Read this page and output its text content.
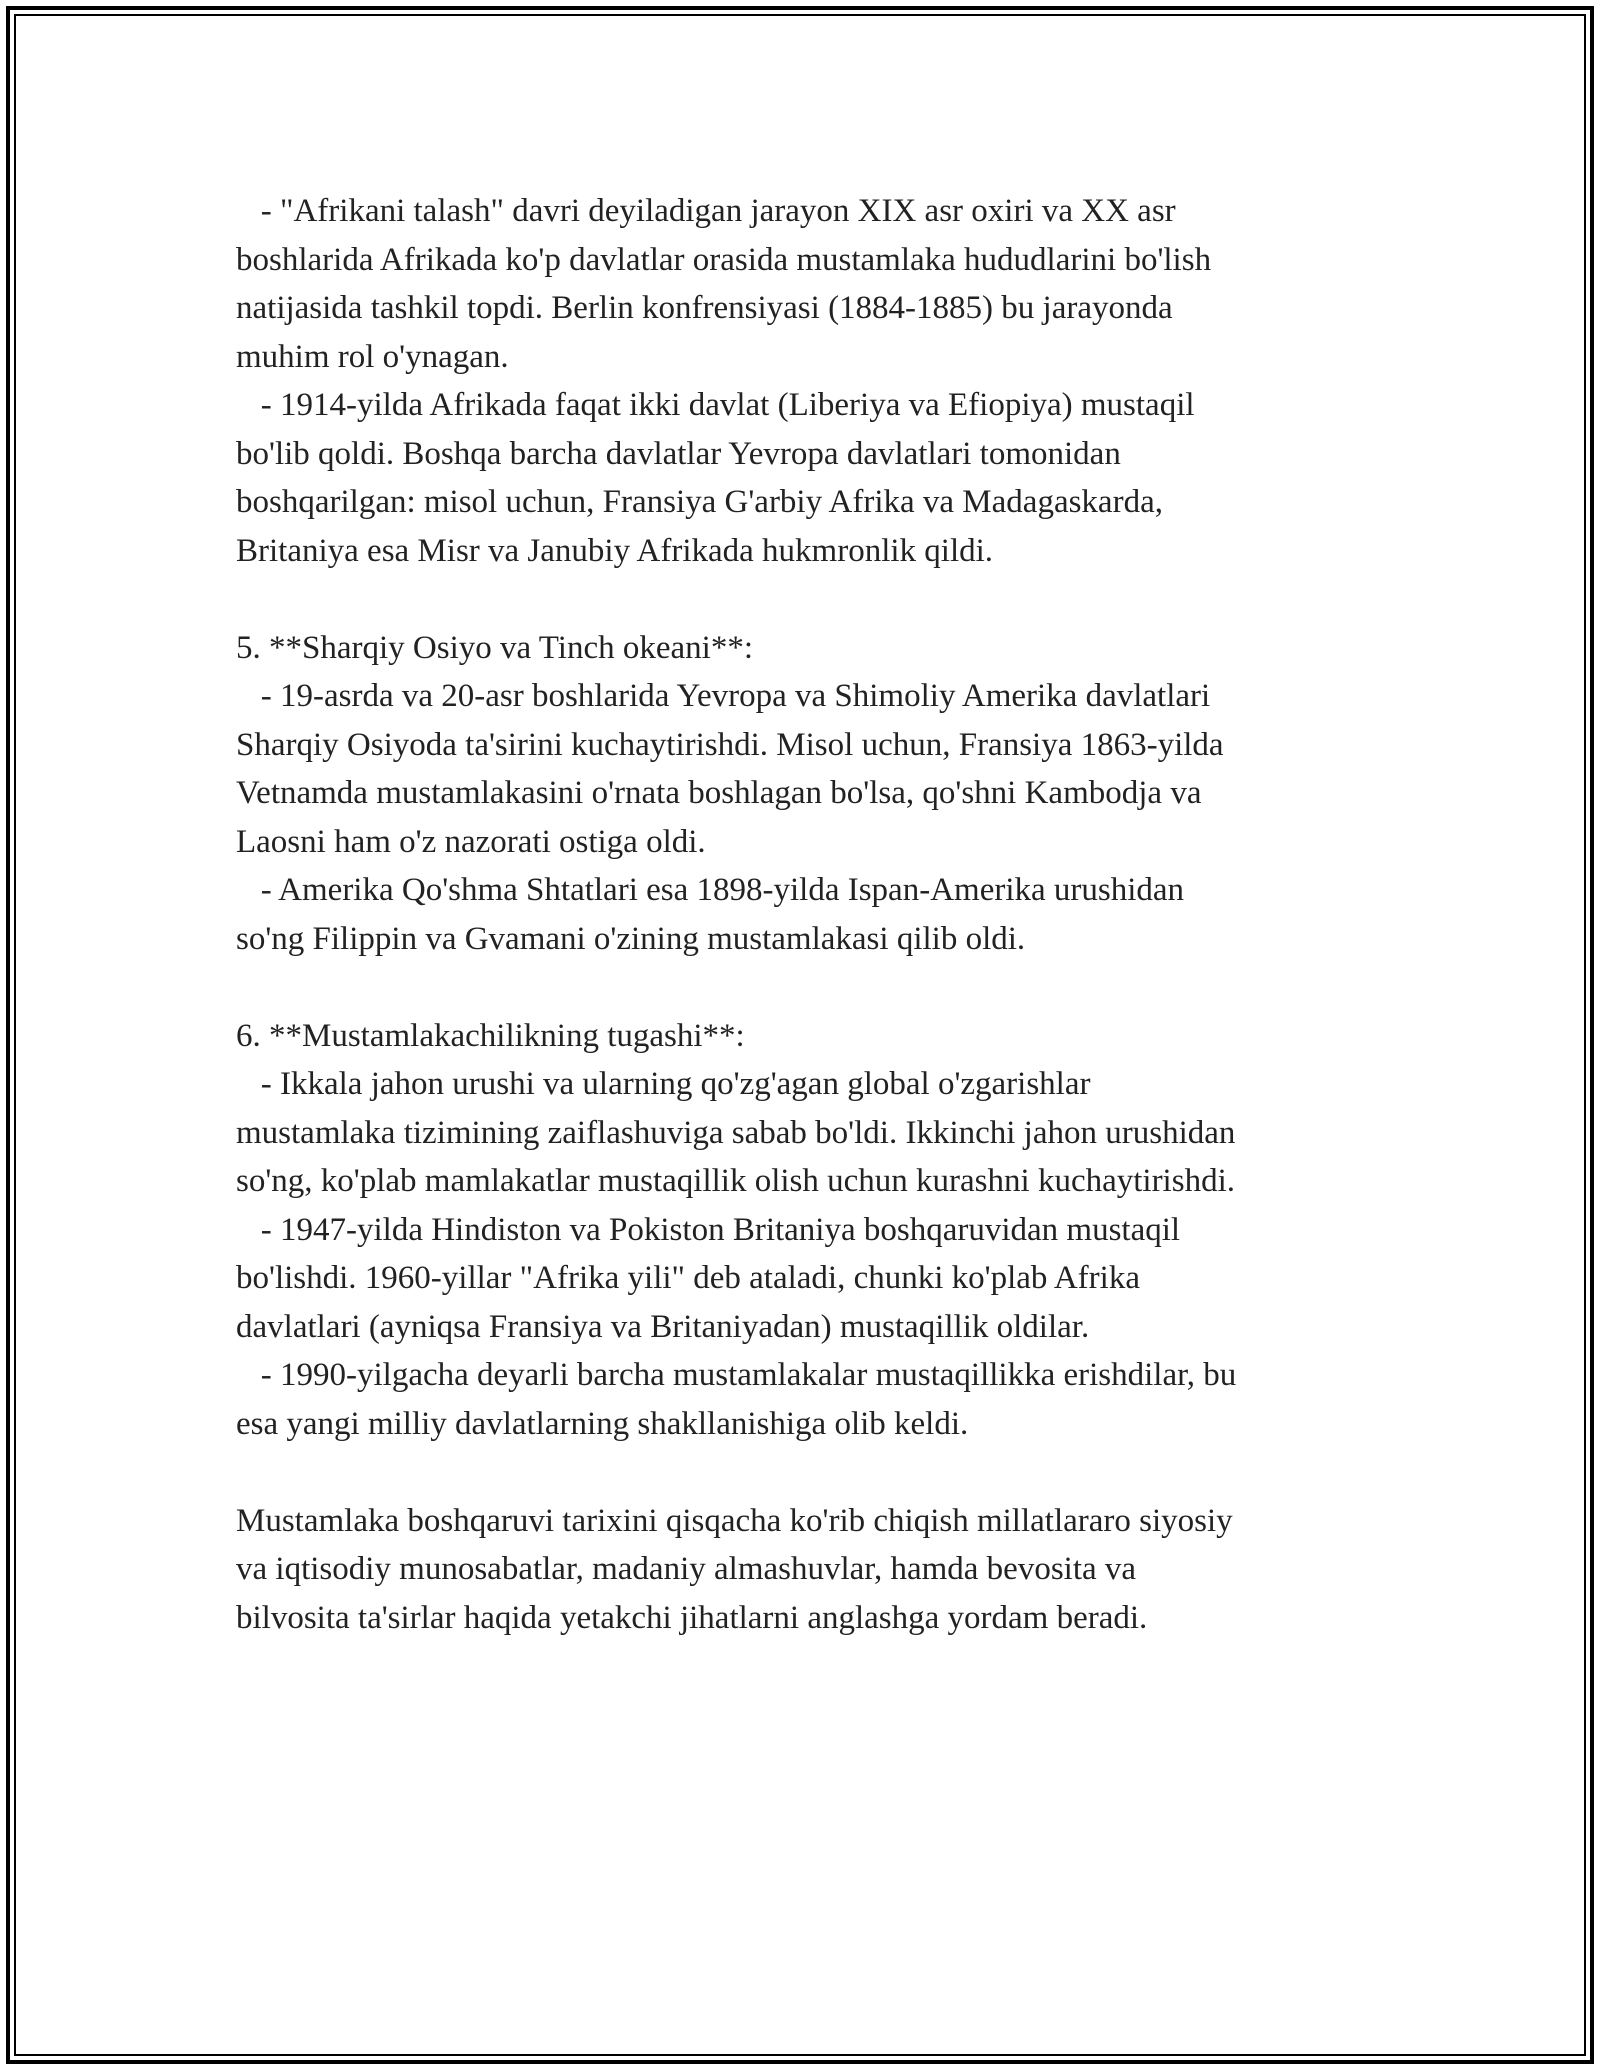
- "Afrikani talash" davri deyiladigan jarayon XIX asr oxiri va XX asr
boshlarida Afrikada ko'p davlatlar orasida mustamlaka hududlarini bo'lish
natijasida tashkil topdi. Berlin konfrensiyasi (1884-1885) bu jarayonda
muhim rol o'ynagan.
- 1914-yilda Afrikada faqat ikki davlat (Liberiya va Efiopiya) mustaqil
bo'lib qoldi. Boshqa barcha davlatlar Yevropa davlatlari tomonidan
boshqarilgan: misol uchun, Fransiya G'arbiy Afrika va Madagaskarda,
Britaniya esa Misr va Janubiy Afrikada hukmronlik qildi.
5. **Sharqiy Osiyo va Tinch okeani**:
- 19-asrda va 20-asr boshlarida Yevropa va Shimoliy Amerika davlatlari
Sharqiy Osiyoda ta'sirini kuchaytirishdi. Misol uchun, Fransiya 1863-yilda
Vetnamda mustamlakasini o'rnata boshlagan bo'lsa, qo'shni Kambodja va
Laosni ham o'z nazorati ostiga oldi.
- Amerika Qo'shma Shtatlari esa 1898-yilda Ispan-Amerika urushidan
so'ng Filippin va Gvamani o'zining mustamlakasi qilib oldi.
6. **Mustamlakachilikning tugashi**:
- Ikkala jahon urushi va ularning qo'zg'agan global o'zgarishlar
mustamlaka tizimining zaiflashuviga sabab bo'ldi. Ikkinchi jahon urushidan
so'ng, ko'plab mamlakatlar mustaqillik olish uchun kurashni kuchaytirishdi.
- 1947-yilda Hindiston va Pokiston Britaniya boshqaruvidan mustaqil
bo'lishdi. 1960-yillar "Afrika yili" deb ataladi, chunki ko'plab Afrika
davlatlari (ayniqsa Fransiya va Britaniyadan) mustaqillik oldilar.
- 1990-yilgacha deyarli barcha mustamlakalar mustaqillikka erishdilar, bu
esa yangi milliy davlatlarning shakllanishiga olib keldi.
Mustamlaka boshqaruvi tarixini qisqacha ko'rib chiqish millatlararo siyosiy
va iqtisodiy munosabatlar, madaniy almashuvlar, hamda bevosita va
bilvosita ta'sirlar haqida yetakchi jihatlarni anglashga yordam beradi.
